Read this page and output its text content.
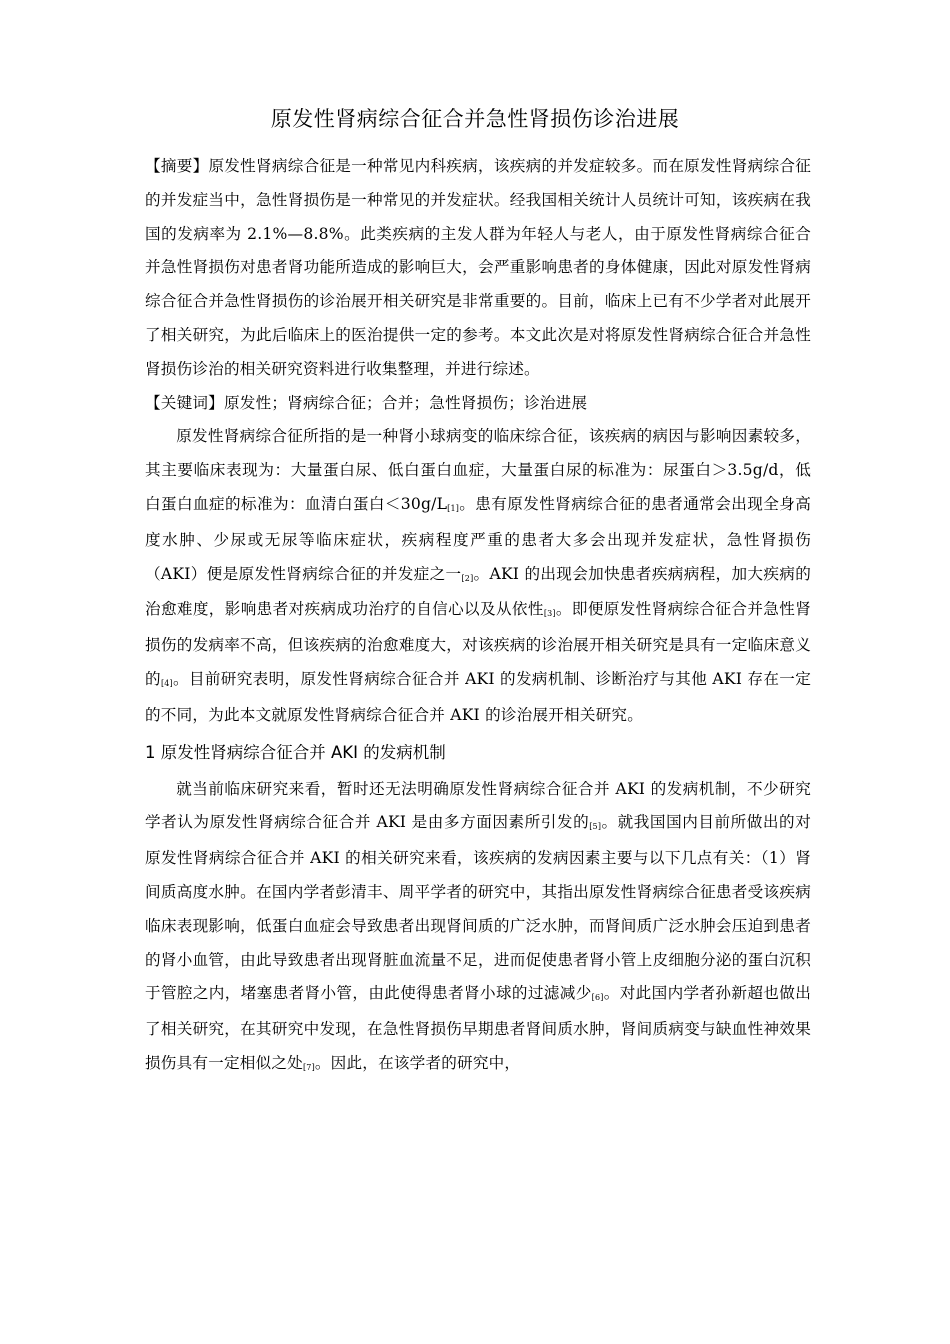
原发性肾病综合征合并急性肾损伤诊治进展

【摘要】原发性肾病综合征是一种常见内科疾病，该疾病的并发症较多。而在原发性肾病综合征的并发症当中，急性肾损伤是一种常见的并发症状。经我国相关统计人员统计可知，该疾病在我国的发病率为 2.1%—8.8%。此类疾病的主发人群为年轻人与老人，由于原发性肾病综合征合并急性肾损伤对患者肾功能所造成的影响巨大，会严重影响患者的身体健康，因此对原发性肾病综合征合并急性肾损伤的诊治展开相关研究是非常重要的。目前，临床上已有不少学者对此展开了相关研究，为此后临床上的医治提供一定的参考。本文此次是对将原发性肾病综合征合并急性肾损伤诊治的相关研究资料进行收集整理，并进行综述。

【关键词】原发性；肾病综合征；合并；急性肾损伤；诊治进展

原发性肾病综合征所指的是一种肾小球病变的临床综合征，该疾病的病因与影响因素较多，其主要临床表现为：大量蛋白尿、低白蛋白血症，大量蛋白尿的标准为：尿蛋白＞3.5g/d，低白蛋白血症的标准为：血清白蛋白＜30g/L[1]。患有原发性肾病综合征的患者通常会出现全身高度水肿、少尿或无尿等临床症状，疾病程度严重的患者大多会出现并发症状，急性肾损伤（AKI）便是原发性肾病综合征的并发症之一[2]。AKI 的出现会加快患者疾病病程，加大疾病的治愈难度，影响患者对疾病成功治疗的自信心以及从依性[3]。即便原发性肾病综合征合并急性肾损伤的发病率不高，但该疾病的治愈难度大，对该疾病的诊治展开相关研究是具有一定临床意义的[4]。目前研究表明，原发性肾病综合征合并 AKI 的发病机制、诊断治疗与其他 AKI 存在一定的不同，为此本文就原发性肾病综合征合并 AKI 的诊治展开相关研究。

1 原发性肾病综合征合并 AKI 的发病机制

就当前临床研究来看，暂时还无法明确原发性肾病综合征合并 AKI 的发病机制，不少研究学者认为原发性肾病综合征合并 AKI 是由多方面因素所引发的[5]。就我国国内目前所做出的对原发性肾病综合征合并 AKI 的相关研究来看，该疾病的发病因素主要与以下几点有关：（1）肾间质高度水肿。在国内学者彭清丰、周平学者的研究中，其指出原发性肾病综合征患者受该疾病临床表现影响，低蛋白血症会导致患者出现肾间质的广泛水肿，而肾间质广泛水肿会压迫到患者的肾小血管，由此导致患者出现肾脏血流量不足，进而促使患者肾小管上皮细胞分泌的蛋白沉积于管腔之内，堵塞患者肾小管，由此使得患者肾小球的过滤减少[6]。对此国内学者孙新超也做出了相关研究，在其研究中发现，在急性肾损伤早期患者肾间质水肿，肾间质病变与缺血性神效果损伤具有一定相似之处[7]。因此，在该学者的研究中，
